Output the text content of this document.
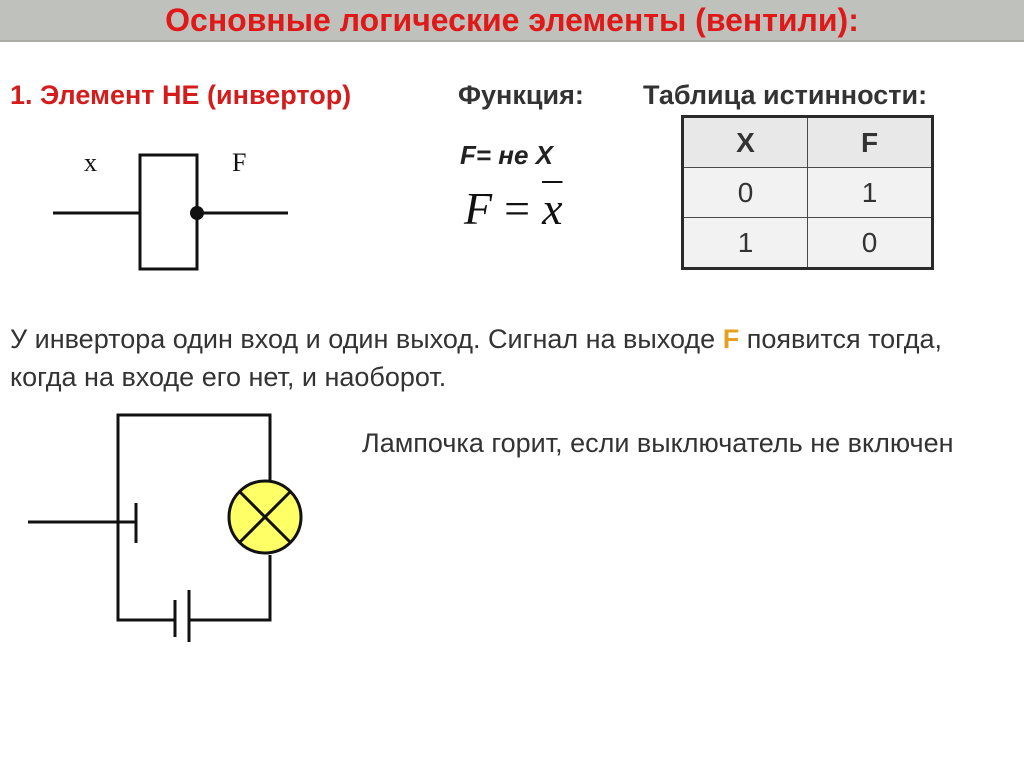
Основные логические элементы (вентили):
1. Элемент НЕ (инвертор)	Функция: Таблица истинности:
x	F	F= не X
$F = \overline{x}$
X	F
0	1
1	0
У инвертора один вход и один выход. Сигнал на выходе F появится тогда, когда на входе его нет, и наоборот.
Лампочка горит, если выключатель не включен
